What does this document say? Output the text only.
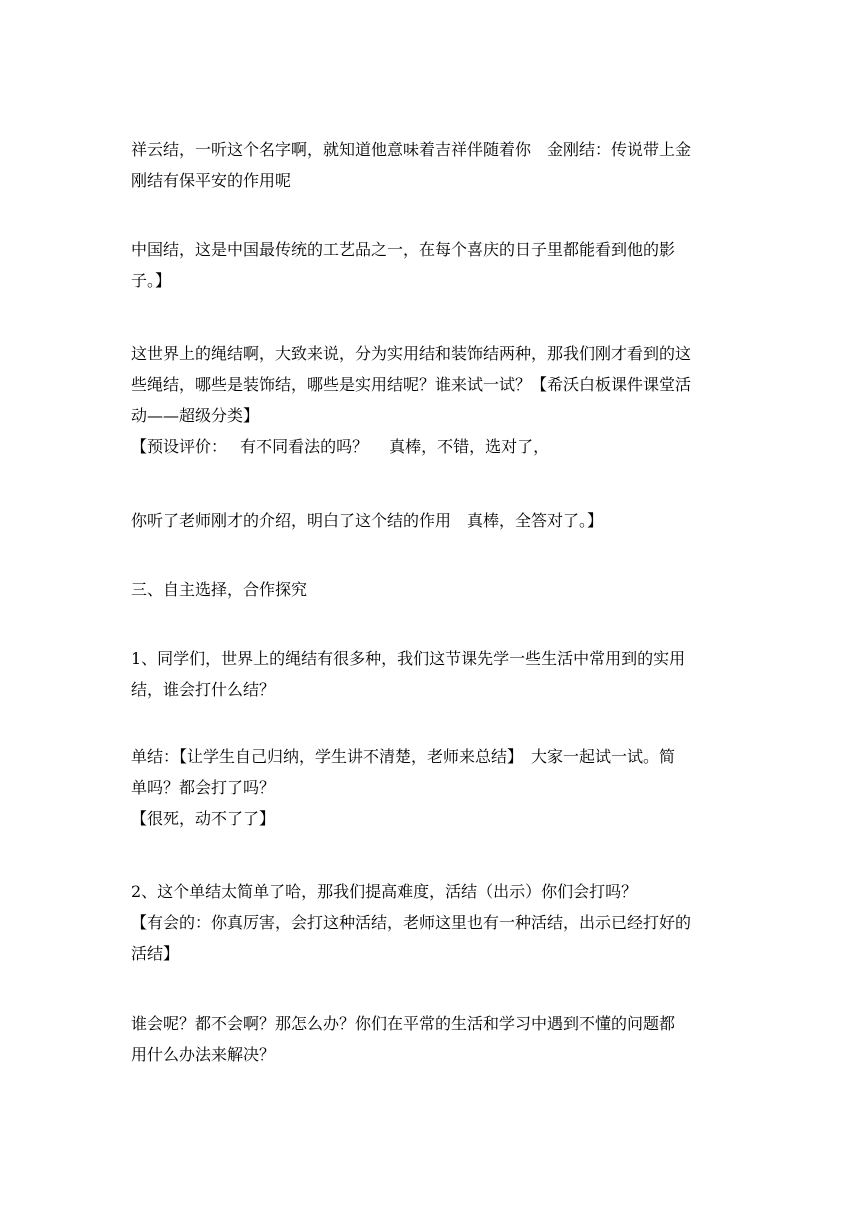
祥云结，一听这个名字啊，就知道他意味着吉祥伴随着你　金刚结：传说带上金
刚结有保平安的作用呢
中国结，这是中国最传统的工艺品之一，在每个喜庆的日子里都能看到他的影
子。】
这世界上的绳结啊，大致来说，分为实用结和装饰结两种，那我们刚才看到的这
些绳结，哪些是装饰结，哪些是实用结呢？谁来试一试？【希沃白板课件课堂活
动——超级分类】
【预设评价：　 有不同看法的吗？　 真棒，不错，选对了，
你听了老师刚才的介绍，明白了这个结的作用　真棒，全答对了。】
三、自主选择，合作探究
1、同学们，世界上的绳结有很多种，我们这节课先学一些生活中常用到的实用
结，谁会打什么结？
单结：【让学生自己归纳，学生讲不清楚，老师来总结】　大家一起试一试。简
单吗？都会打了吗？
【很死，动不了了】
2、这个单结太简单了哈，那我们提高难度，活结（出示）你们会打吗？
【有会的：你真厉害，会打这种活结，老师这里也有一种活结，出示已经打好的
活结】
谁会呢？都不会啊？那怎么办？你们在平常的生活和学习中遇到不懂的问题都
用什么办法来解决？
